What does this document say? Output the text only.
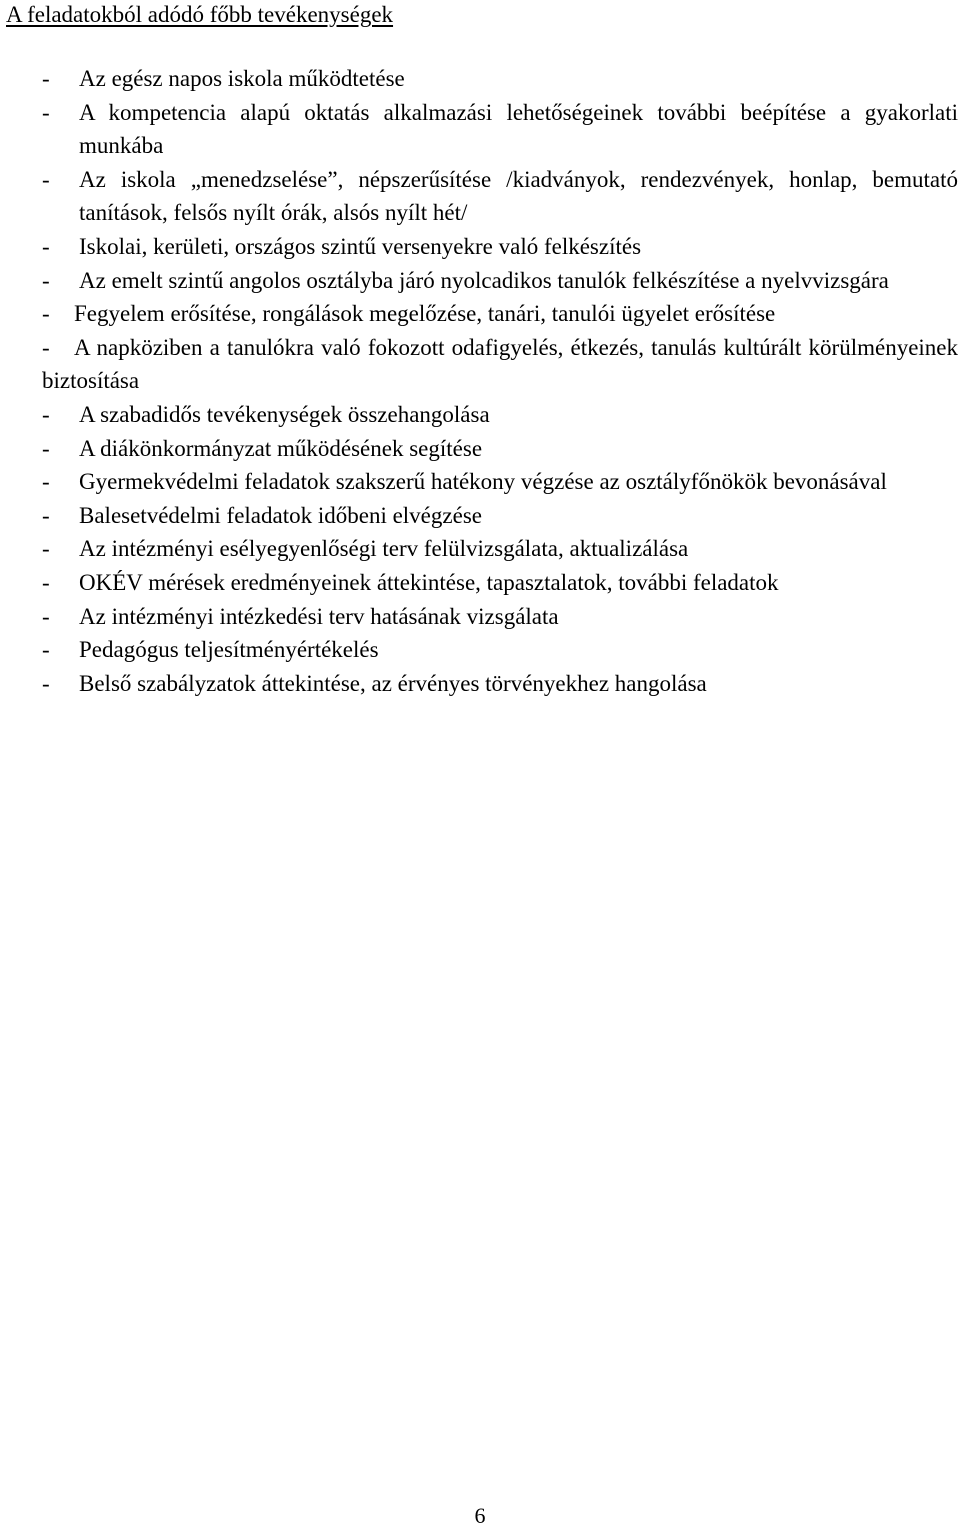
A feladatokból adódó főbb tevékenységek
- Az egész napos iskola működtetése
- A kompetencia alapú oktatás alkalmazási lehetőségeinek további beépítése a gyakorlati munkába
- Az iskola „menedzselése”, népszerűsítése /kiadványok, rendezvények, honlap, bemutató tanítások, felsős nyílt órák, alsós nyílt hét/
- Iskolai, kerületi, országos szintű versenyekre való felkészítés
- Az emelt szintű angolos osztályba járó nyolcadikos tanulók felkészítése a nyelvvizsgára
- Fegyelem erősítése, rongálások megelőzése, tanári, tanulói ügyelet erősítése
- A napköziben a tanulókra való fokozott odafigyelés, étkezés, tanulás kultúrált körülményeinek biztosítása
- A szabadidős tevékenységek összehangolása
- A diákönkormányzat működésének segítése
- Gyermekvédelmi feladatok szakszerű hatékony végzése az osztályfőnökök bevonásával
- Balesetvédelmi feladatok időbeni elvégzése
- Az intézményi esélyegyenlőségi terv felülvizsgálata, aktualizálása
- OKÉV mérések eredményeinek áttekintése, tapasztalatok, további feladatok
- Az intézményi intézkedési terv hatásának vizsgálata
- Pedagógus teljesítményértékelés
- Belső szabályzatok áttekintése, az érvényes törvényekhez hangolása
6
